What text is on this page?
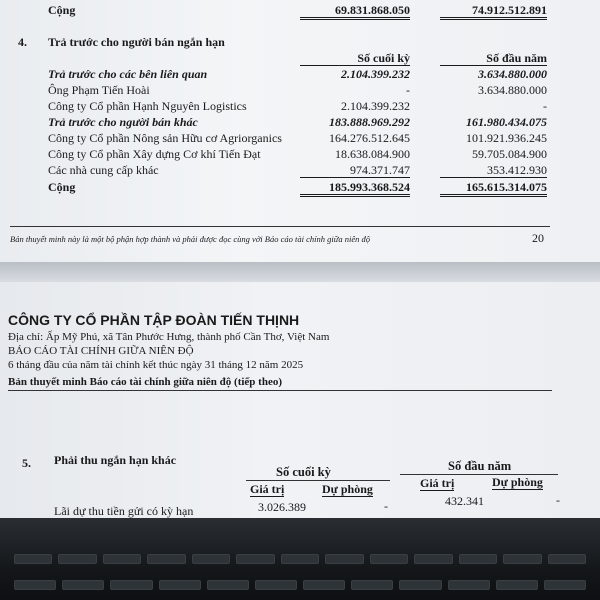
Cộng	69.831.868.050	74.912.512.891
4. Trả trước cho người bán ngắn hạn
Số cuối kỳ	Số đầu năm
Trả trước cho các bên liên quan	2.104.399.232	3.634.880.000
Ông Phạm Tiến Hoài	-	3.634.880.000
Công ty Cổ phần Hạnh Nguyên Logistics	2.104.399.232	-
Trả trước cho người bán khác	183.888.969.292	161.980.434.075
Công ty Cổ phần Nông sản Hữu cơ Agriorganics	164.276.512.645	101.921.936.245
Công ty Cổ phần Xây dựng Cơ khí Tiến Đạt	18.638.084.900	59.705.084.900
Các nhà cung cấp khác	974.371.747	353.412.930
Cộng	185.993.368.524	165.615.314.075
Bản thuyết minh này là một bộ phận hợp thành và phải được đọc cùng với Báo cáo tài chính giữa niên độ	20
CÔNG TY CỔ PHẦN TẬP ĐOÀN TIẾN THỊNH
Địa chỉ: Ấp Mỹ Phú, xã Tân Phước Hưng, thành phố Cần Thơ, Việt Nam
BÁO CÁO TÀI CHÍNH GIỮA NIÊN ĐỘ
6 tháng đầu của năm tài chính kết thúc ngày 31 tháng 12 năm 2025
Bản thuyết minh Báo cáo tài chính giữa niên độ (tiếp theo)
5. Phải thu ngắn hạn khác
Số cuối kỳ	Số đầu năm
Giá trị	Dự phòng	Giá trị	Dự phòng
Lãi dự thu tiền gửi có kỳ hạn	3.026.389	-	432.341	-
